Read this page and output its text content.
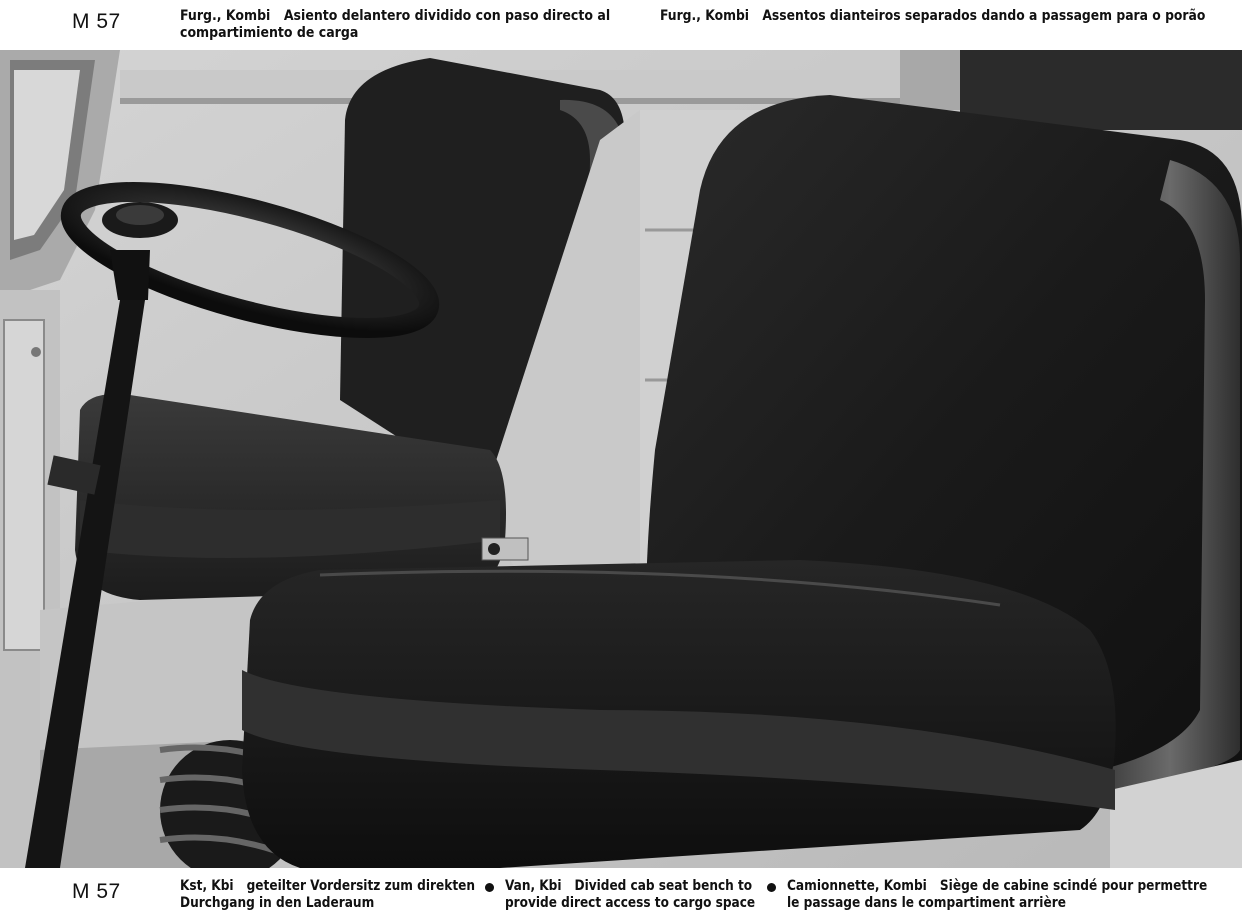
M 57	Furg., Kombi Asiento delantero dividido con paso directo al
compartimiento de carga
Furg., Kombi Assentos dianteiros separados dando a passagem para o porão
M 57	Kst, Kbi geteilter Vordersitz zum direkten
Durchgang in den Laderaum
Van, Kbi Divided cab seat bench to
provide direct access to cargo space
Camionnette, Kombi Siège de cabine scindé pour permettre
le passage dans le compartiment arrière
